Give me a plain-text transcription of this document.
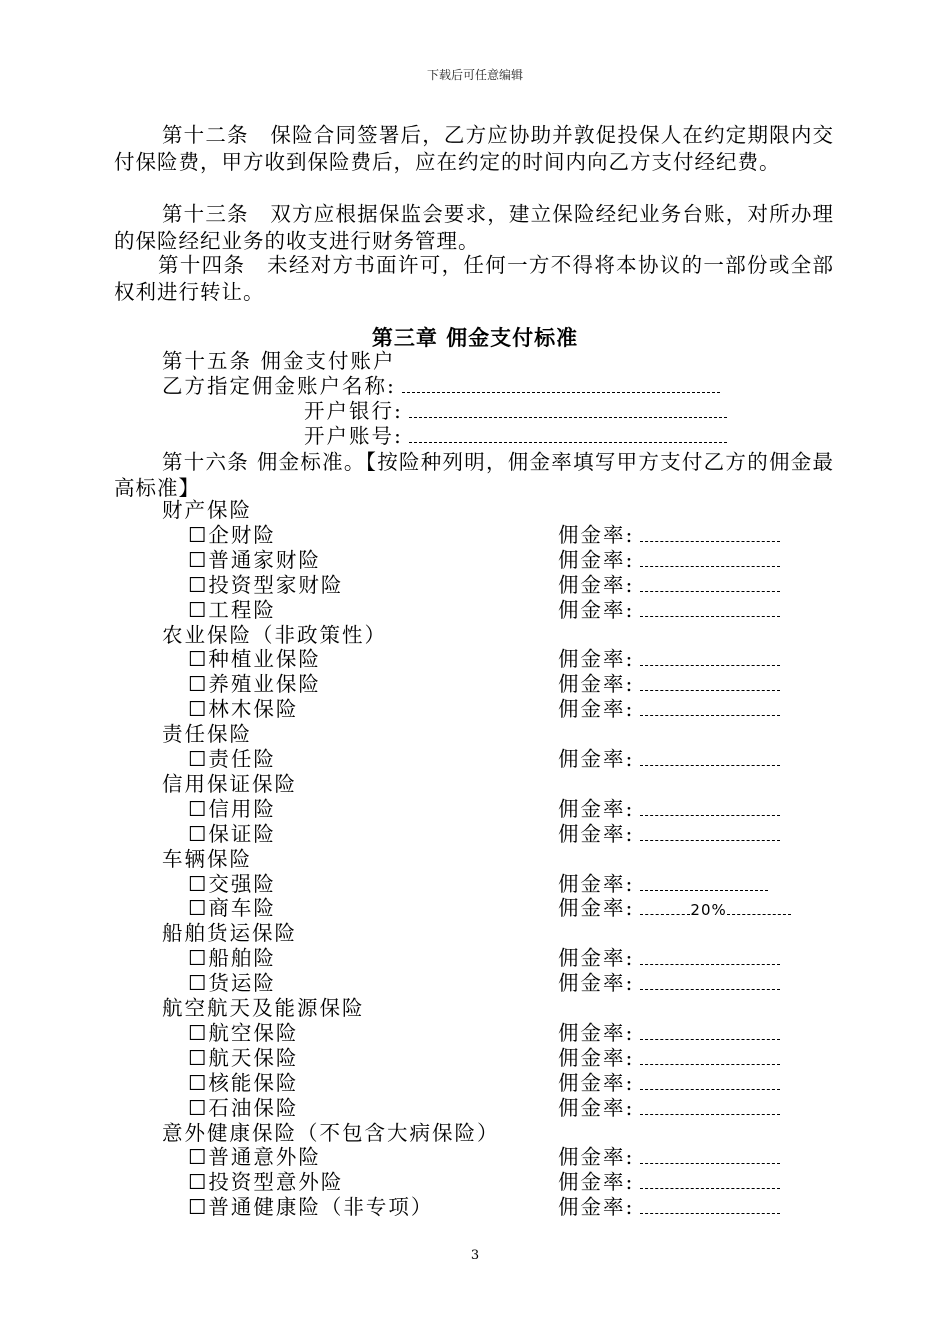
下载后可任意编辑
第十二条　保险合同签署后，乙方应协助并敦促投保人在约定期限内交付保险费，甲方收到保险费后，应在约定的时间内向乙方支付经纪费。
第十三条　双方应根据保监会要求，建立保险经纪业务台账，对所办理的保险经纪业务的收支进行财务管理。
第十四条　未经对方书面许可，任何一方不得将本协议的一部份或全部权利进行转让。
第三章 佣金支付标准
第十五条 佣金支付账户
乙方指定佣金账户名称:
开户银行:
开户账号:
第十六条 佣金标准。【按险种列明，佣金率填写甲方支付乙方的佣金最高标准】
财产保险
☐企财险	佣金率:
☐普通家财险	佣金率:
☐投资型家财险	佣金率:
☐工程险	佣金率:
农业保险（非政策性）
☐种植业保险	佣金率:
☐养殖业保险	佣金率:
☐林木保险	佣金率:
责任保险
☐责任险	佣金率:
信用保证保险
☐信用险	佣金率:
☐保证险	佣金率:
车辆保险
☐交强险	佣金率:
☐商车险	佣金率:	20%
船舶货运保险
☐船舶险	佣金率:
☐货运险	佣金率:
航空航天及能源保险
☐航空保险	佣金率:
☐航天保险	佣金率:
☐核能保险	佣金率:
☐石油保险	佣金率:
意外健康保险（不包含大病保险）
☐普通意外险	佣金率:
☐投资型意外险	佣金率:
☐普通健康险（非专项）	佣金率:
3
